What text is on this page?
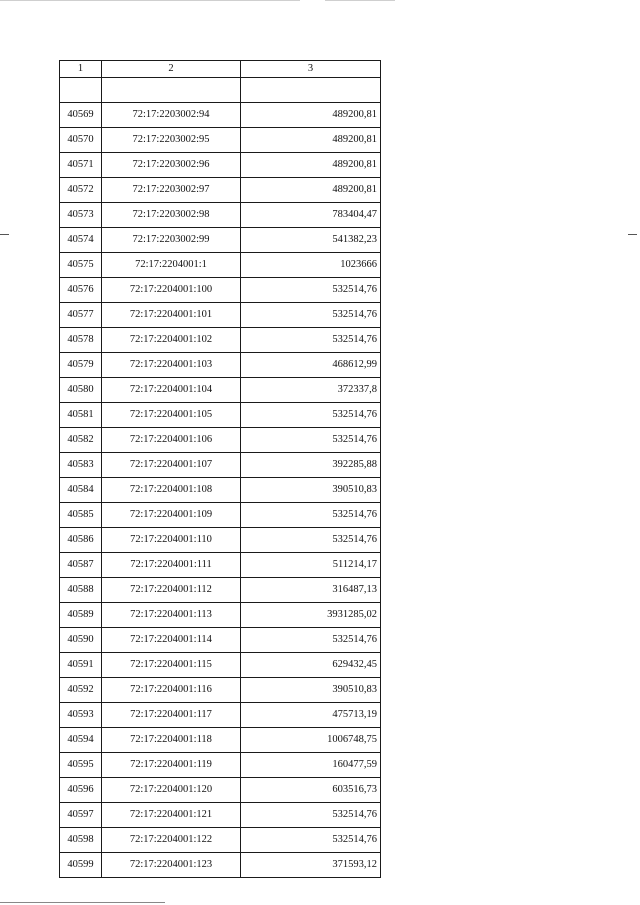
1	2	3

40569	72:17:2203002:94	489200,81
40570	72:17:2203002:95	489200,81
40571	72:17:2203002:96	489200,81
40572	72:17:2203002:97	489200,81
40573	72:17:2203002:98	783404,47
40574	72:17:2203002:99	541382,23
40575	72:17:2204001:1	1023666
40576	72:17:2204001:100	532514,76
40577	72:17:2204001:101	532514,76
40578	72:17:2204001:102	532514,76
40579	72:17:2204001:103	468612,99
40580	72:17:2204001:104	372337,8
40581	72:17:2204001:105	532514,76
40582	72:17:2204001:106	532514,76
40583	72:17:2204001:107	392285,88
40584	72:17:2204001:108	390510,83
40585	72:17:2204001:109	532514,76
40586	72:17:2204001:110	532514,76
40587	72:17:2204001:111	511214,17
40588	72:17:2204001:112	316487,13
40589	72:17:2204001:113	3931285,02
40590	72:17:2204001:114	532514,76
40591	72:17:2204001:115	629432,45
40592	72:17:2204001:116	390510,83
40593	72:17:2204001:117	475713,19
40594	72:17:2204001:118	1006748,75
40595	72:17:2204001:119	160477,59
40596	72:17:2204001:120	603516,73
40597	72:17:2204001:121	532514,76
40598	72:17:2204001:122	532514,76
40599	72:17:2204001:123	371593,12
